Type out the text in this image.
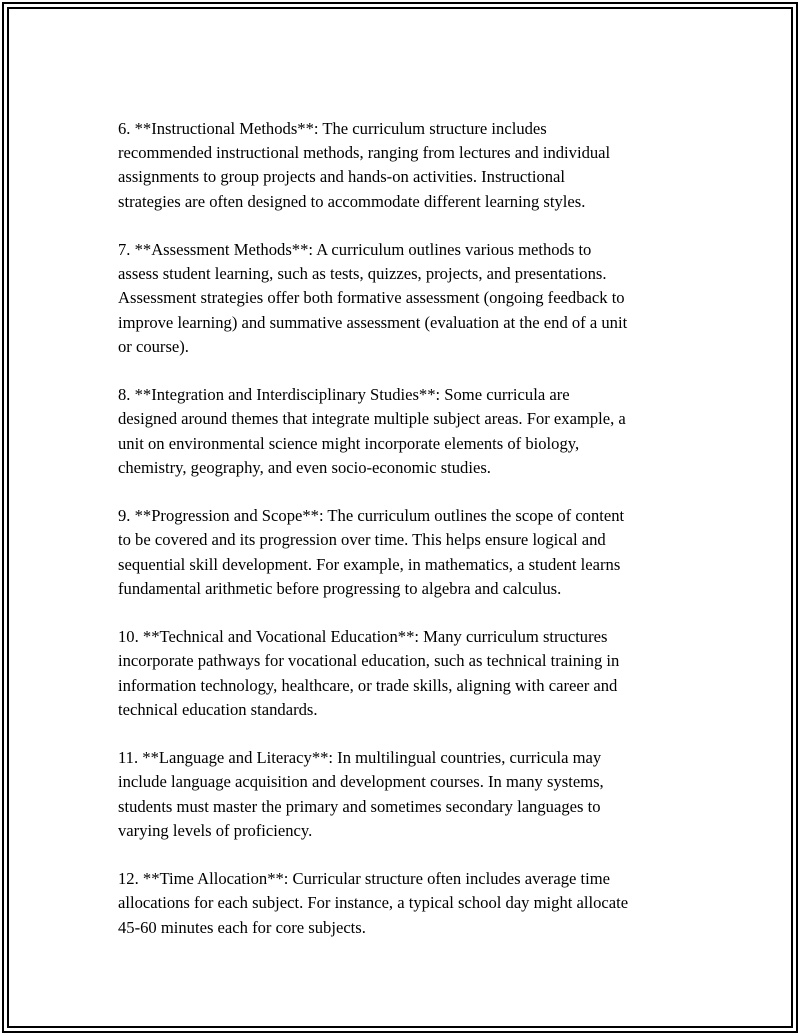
6. **Instructional Methods**: The curriculum structure includes
recommended instructional methods, ranging from lectures and individual
assignments to group projects and hands-on activities. Instructional
strategies are often designed to accommodate different learning styles.

7. **Assessment Methods**: A curriculum outlines various methods to
assess student learning, such as tests, quizzes, projects, and presentations.
Assessment strategies offer both formative assessment (ongoing feedback to
improve learning) and summative assessment (evaluation at the end of a unit
or course).

8. **Integration and Interdisciplinary Studies**: Some curricula are
designed around themes that integrate multiple subject areas. For example, a
unit on environmental science might incorporate elements of biology,
chemistry, geography, and even socio-economic studies.

9. **Progression and Scope**: The curriculum outlines the scope of content
to be covered and its progression over time. This helps ensure logical and
sequential skill development. For example, in mathematics, a student learns
fundamental arithmetic before progressing to algebra and calculus.

10. **Technical and Vocational Education**: Many curriculum structures
incorporate pathways for vocational education, such as technical training in
information technology, healthcare, or trade skills, aligning with career and
technical education standards.

11. **Language and Literacy**: In multilingual countries, curricula may
include language acquisition and development courses. In many systems,
students must master the primary and sometimes secondary languages to
varying levels of proficiency.

12. **Time Allocation**: Curricular structure often includes average time
allocations for each subject. For instance, a typical school day might allocate
45-60 minutes each for core subjects.
